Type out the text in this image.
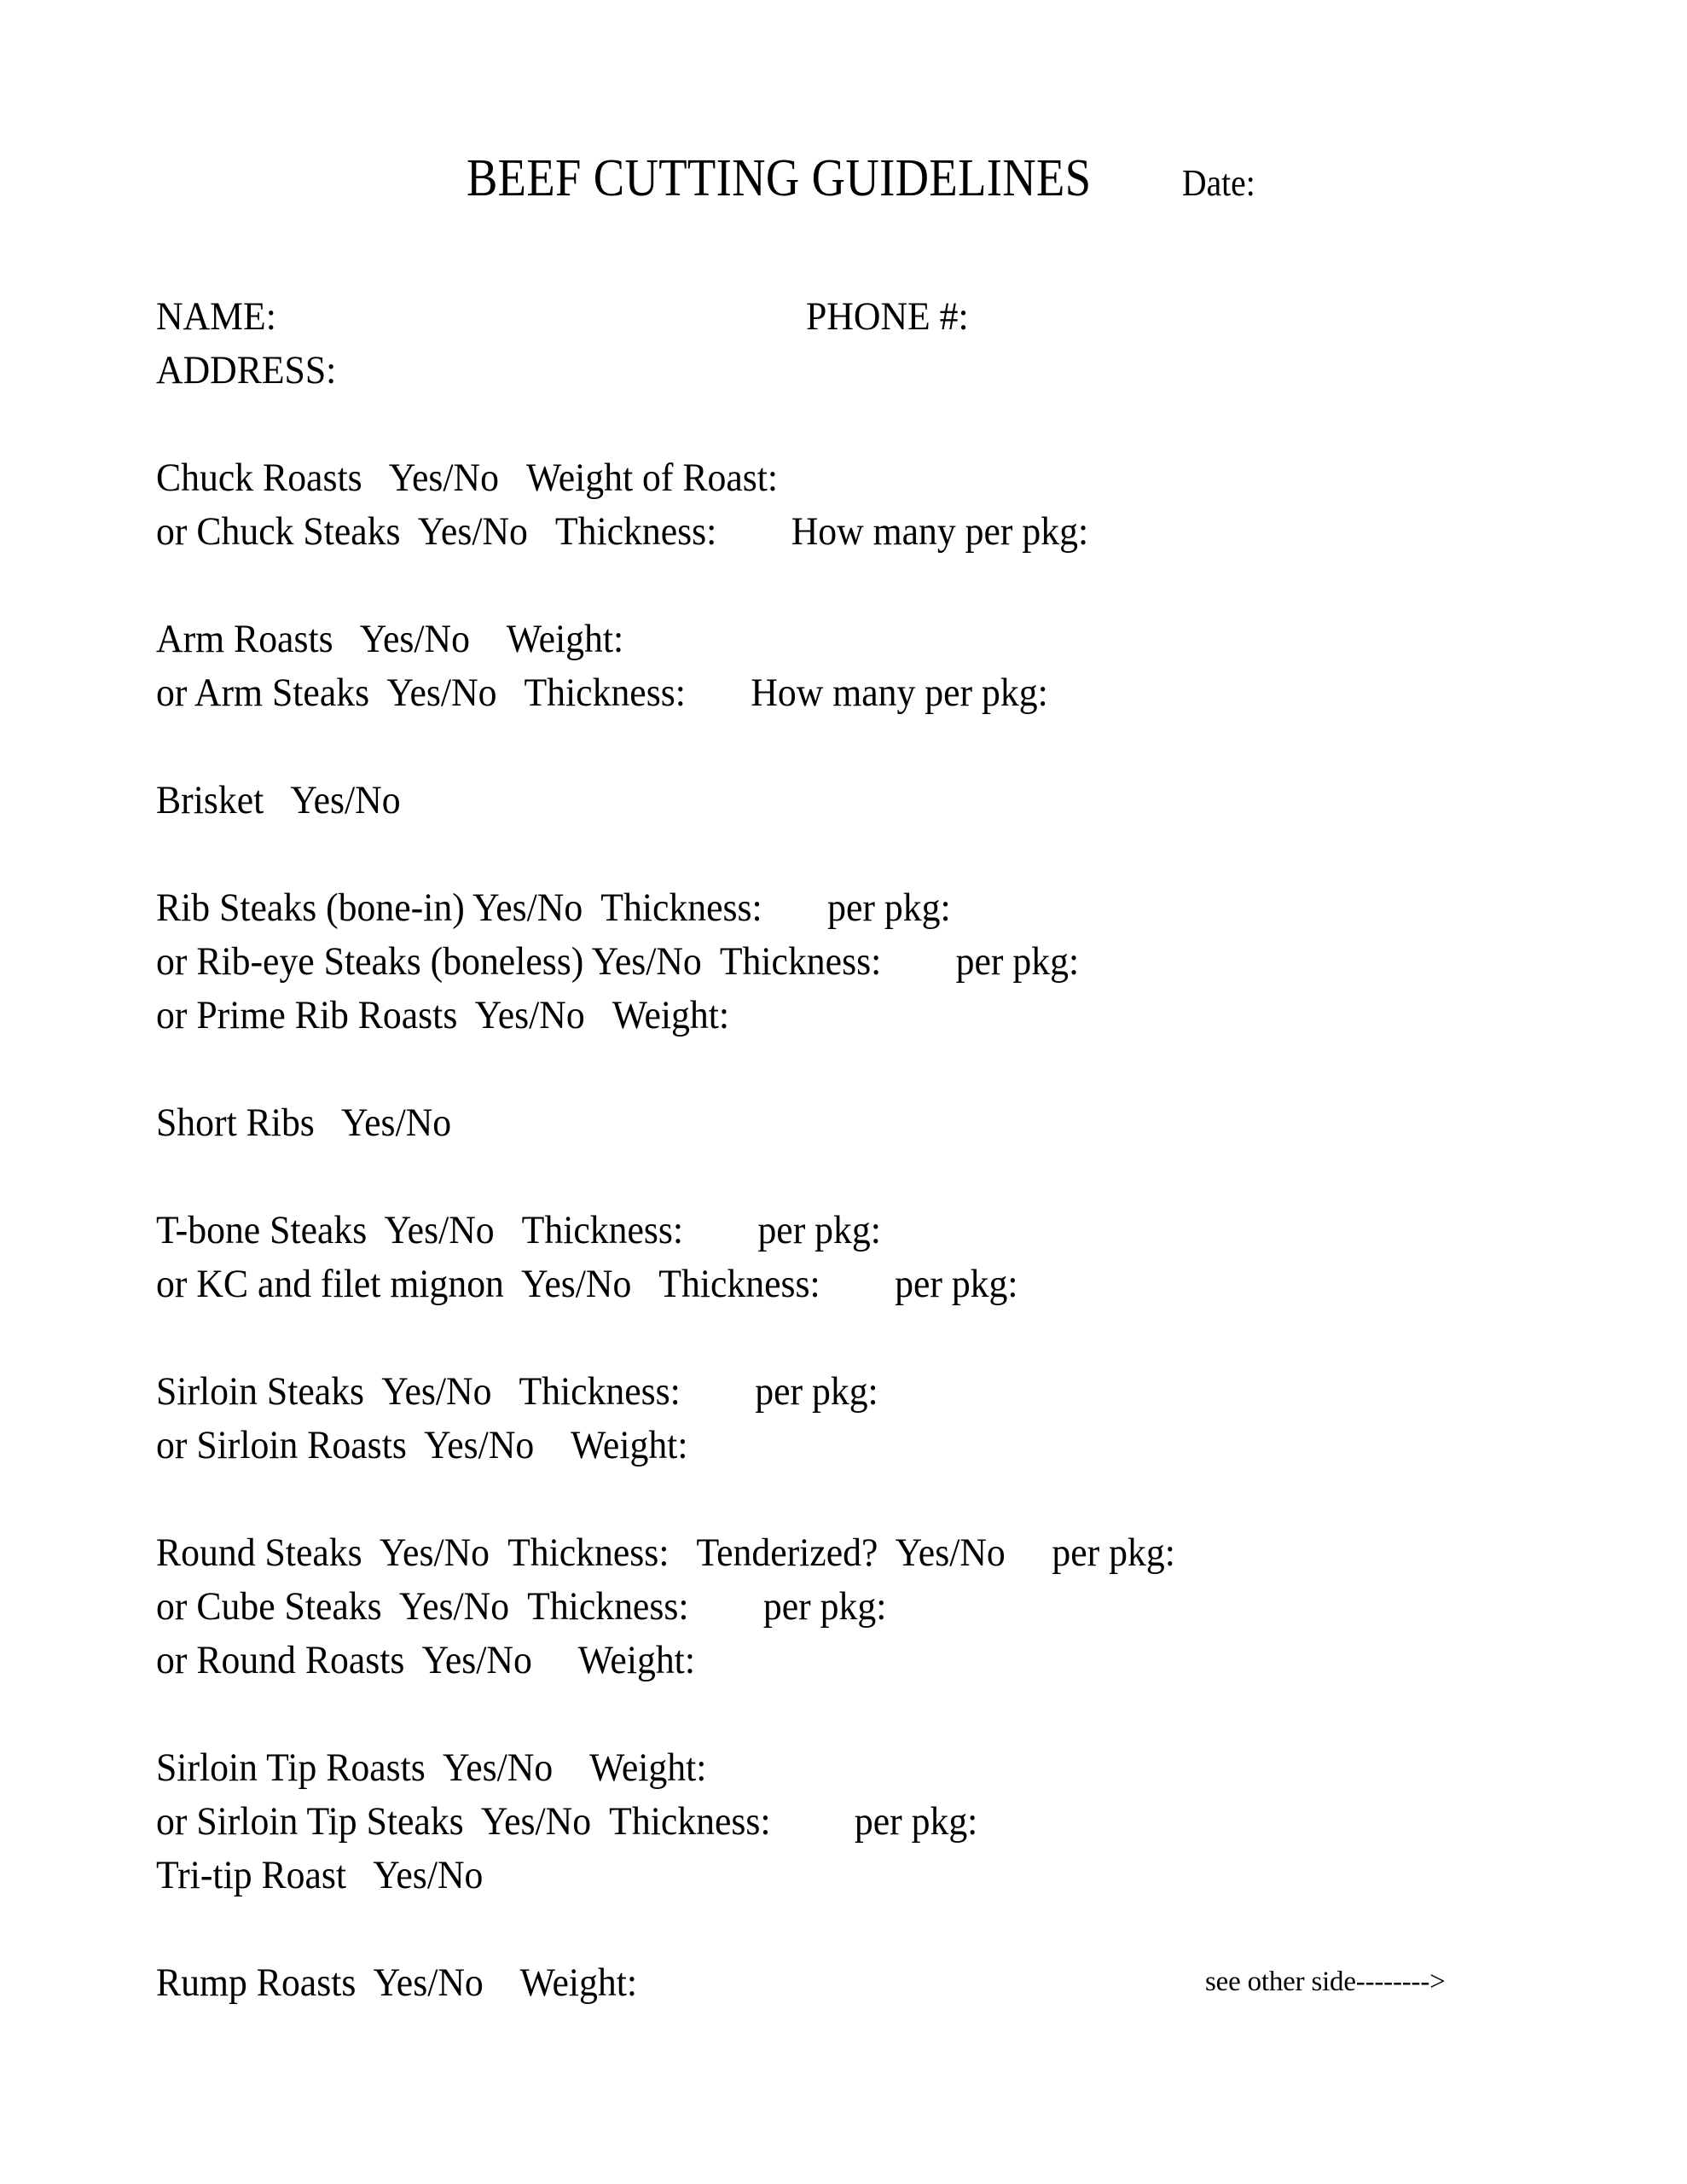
BEEF CUTTING GUIDELINES Date:
NAME:	PHONE #:
ADDRESS:
Chuck Roasts   Yes/No   Weight of Roast:
or Chuck Steaks  Yes/No   Thickness:        How many per pkg:
Arm Roasts   Yes/No    Weight:
or Arm Steaks  Yes/No   Thickness:       How many per pkg:
Brisket   Yes/No
Rib Steaks (bone-in) Yes/No  Thickness:       per pkg:
or Rib-eye Steaks (boneless) Yes/No  Thickness:        per pkg:
or Prime Rib Roasts  Yes/No   Weight:
Short Ribs   Yes/No
T-bone Steaks  Yes/No   Thickness:        per pkg:
or KC and filet mignon  Yes/No   Thickness:        per pkg:
Sirloin Steaks  Yes/No   Thickness:        per pkg:
or Sirloin Roasts  Yes/No    Weight:
Round Steaks  Yes/No  Thickness:   Tenderized?  Yes/No     per pkg:
or Cube Steaks  Yes/No  Thickness:        per pkg:
or Round Roasts  Yes/No     Weight:
Sirloin Tip Roasts  Yes/No    Weight:
or Sirloin Tip Steaks  Yes/No  Thickness:         per pkg:
Tri-tip Roast   Yes/No
Rump Roasts  Yes/No    Weight:	see other side-------->
